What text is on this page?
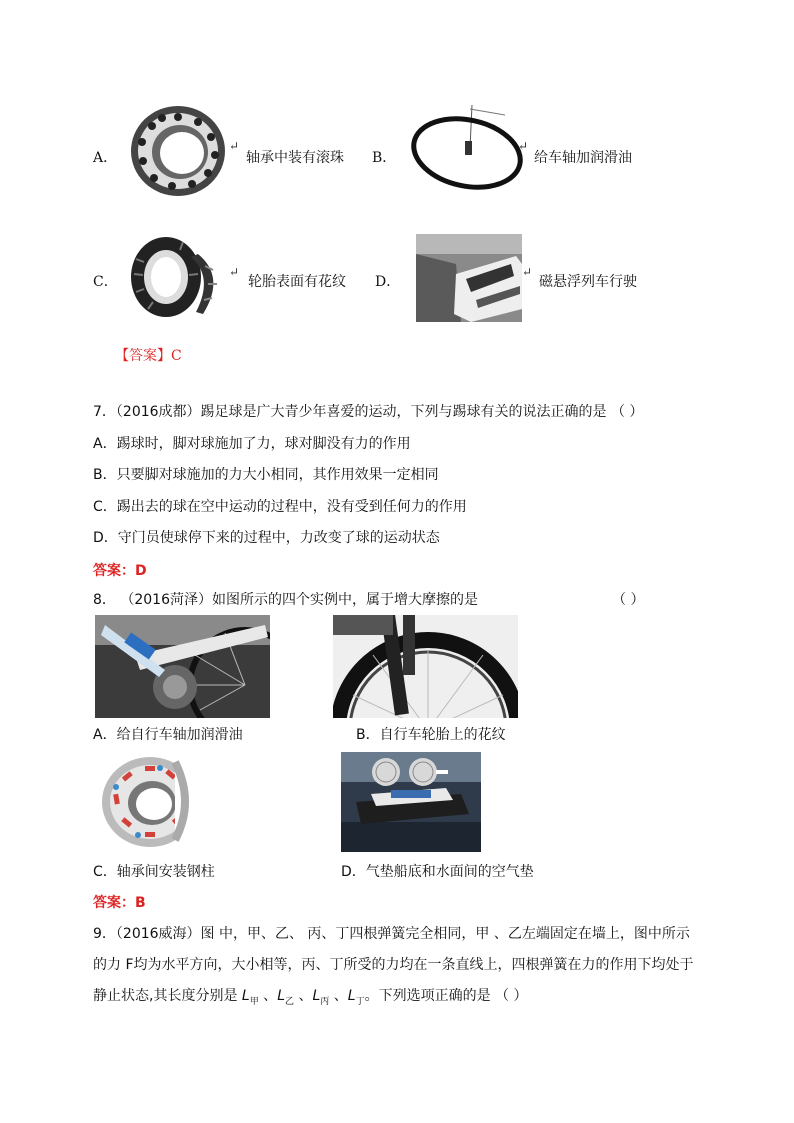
A．
↵
轴承中装有滚珠 B．
↵
给车轴加润滑油
C．
↵
轮胎表面有花纹 D．
↵
磁悬浮列车行驶
【答案】C
7．（2016成都）踢足球是广大青少年喜爱的运动，下列与踢球有关的说法正确的是 （ ）
A．踢球时，脚对球施加了力，球对脚没有力的作用
B．只要脚对球施加的力大小相同，其作用效果一定相同
C．踢出去的球在空中运动的过程中，没有受到任何力的作用
D．守门员使球停下来的过程中，力改变了球的运动状态
答案：D
8． （2016菏泽）如图所示的四个实例中，属于增大摩擦的是	（ ）
A．给自行车轴加润滑油	B．自行车轮胎上的花纹
C．轴承间安装钢柱	D．气垫船底和水面间的空气垫
答案：B
9．（2016威海）图 中，甲、乙、 丙、丁四根弹簧完全相同，甲 、乙左端固定在墙上，图中所示
的力 F均为水平方向，大小相等，丙、丁所受的力均在一条直线上，四根弹簧在力的作用下均处于
静止状态,其长度分别是 $L_甲$ 、$L_乙$ 、$L_丙$ 、$L_丁$。下列选项正确的是 （ ）
